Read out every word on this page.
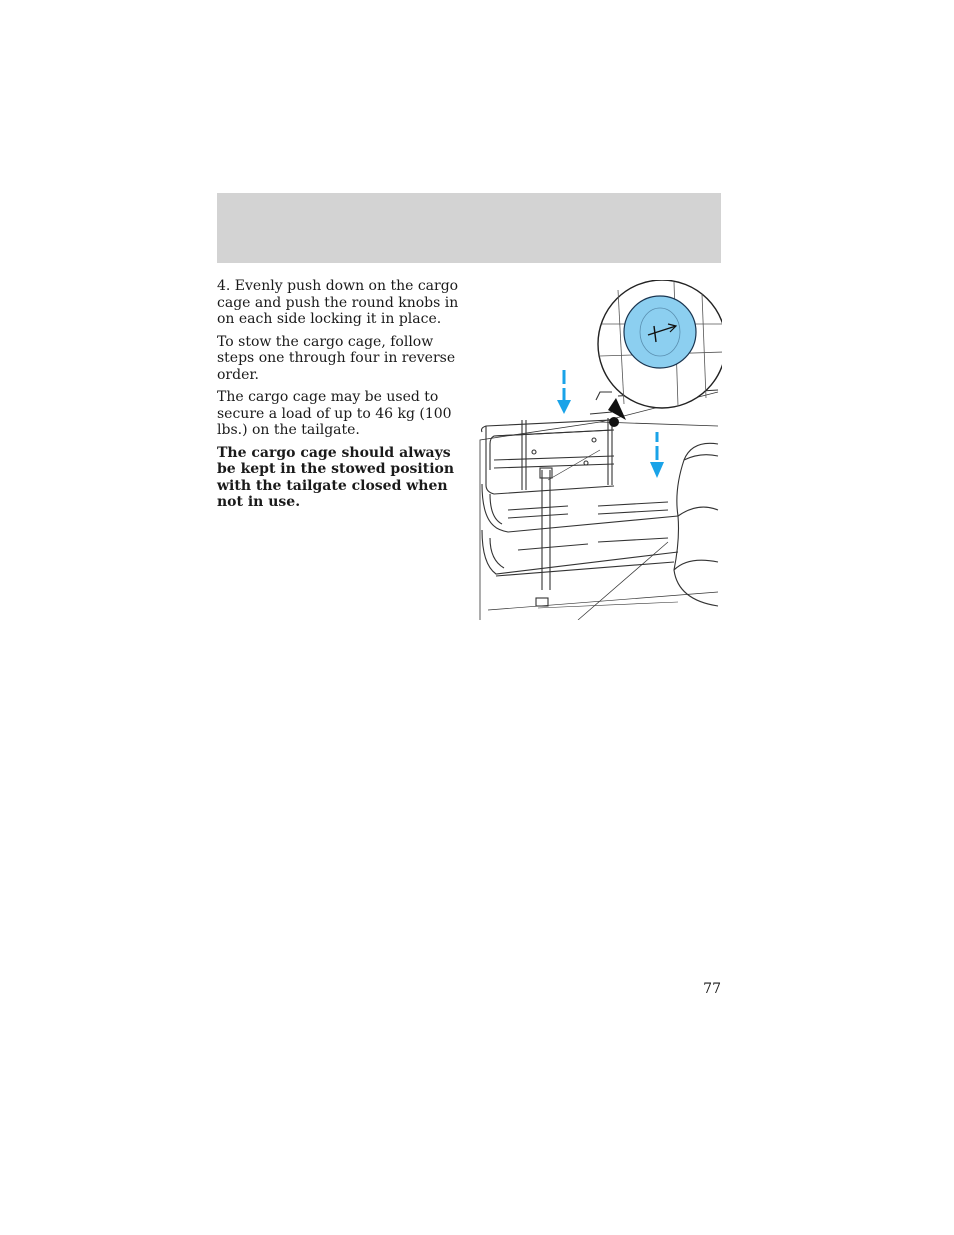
4. Evenly push down on the cargo cage and push the round knobs in on each side locking it in place.

To stow the cargo cage, follow steps one through four in reverse order.

The cargo cage may be used to secure a load of up to 46 kg (100 lbs.) on the tailgate.

The cargo cage should always be kept in the stowed position with the tailgate closed when not in use.

77
